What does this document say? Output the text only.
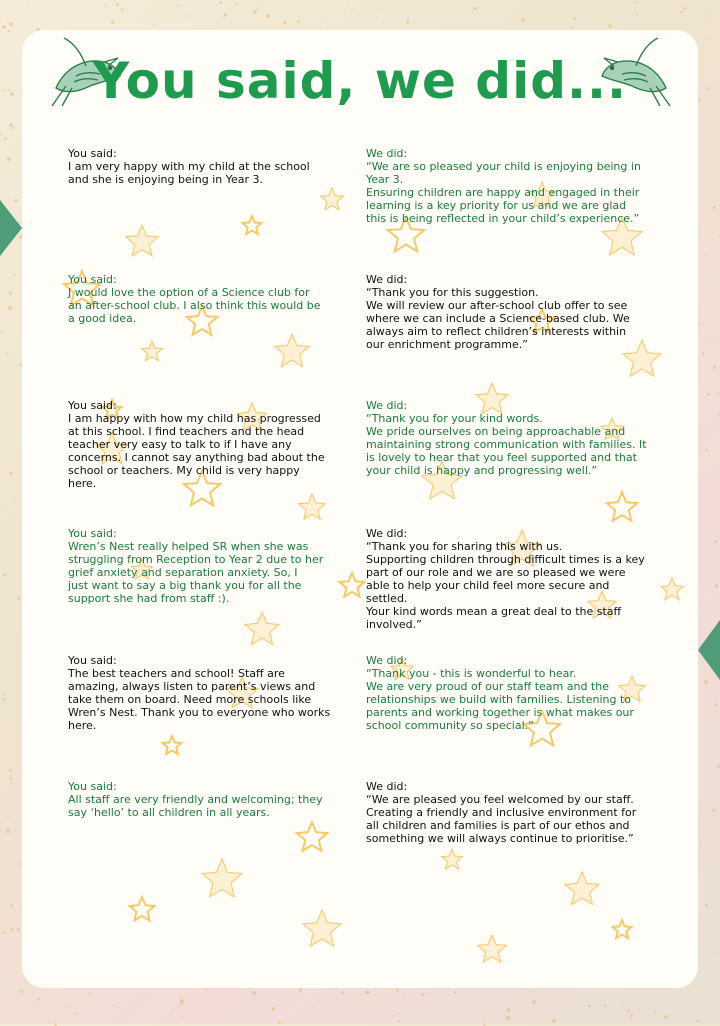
You said, we did...
You said:
I am very happy with my child at the school
and she is enjoying being in Year 3.
We did:
“We are so pleased your child is enjoying being in
Year 3.
Ensuring children are happy and engaged in their
learning is a key priority for us and we are glad
this is being reflected in your child’s experience.”
You said:
J would love the option of a Science club for
an after-school club. I also think this would be
a good idea.
We did:
“Thank you for this suggestion.
We will review our after-school club offer to see
where we can include a Science-based club. We
always aim to reflect children’s interests within
our enrichment programme.”
You said:
I am happy with how my child has progressed
at this school. I find teachers and the head
teacher very easy to talk to if I have any
concerns. I cannot say anything bad about the
school or teachers. My child is very happy
here.
We did:
“Thank you for your kind words.
We pride ourselves on being approachable and
maintaining strong communication with families. It
is lovely to hear that you feel supported and that
your child is happy and progressing well.”
You said:
Wren’s Nest really helped SR when she was
struggling from Reception to Year 2 due to her
grief anxiety and separation anxiety. So, I
just want to say a big thank you for all the
support she had from staff :).
We did:
“Thank you for sharing this with us.
Supporting children through difficult times is a key
part of our role and we are so pleased we were
able to help your child feel more secure and
settled.
Your kind words mean a great deal to the staff
involved.”
You said:
The best teachers and school! Staff are
amazing, always listen to parent’s views and
take them on board. Need more schools like
Wren’s Nest. Thank you to everyone who works
here.
We did:
“Thank you - this is wonderful to hear.
We are very proud of our staff team and the
relationships we build with families. Listening to
parents and working together is what makes our
school community so special.”
You said:
All staff are very friendly and welcoming; they
say ‘hello’ to all children in all years.
We did:
“We are pleased you feel welcomed by our staff.
Creating a friendly and inclusive environment for
all children and families is part of our ethos and
something we will always continue to prioritise.”
